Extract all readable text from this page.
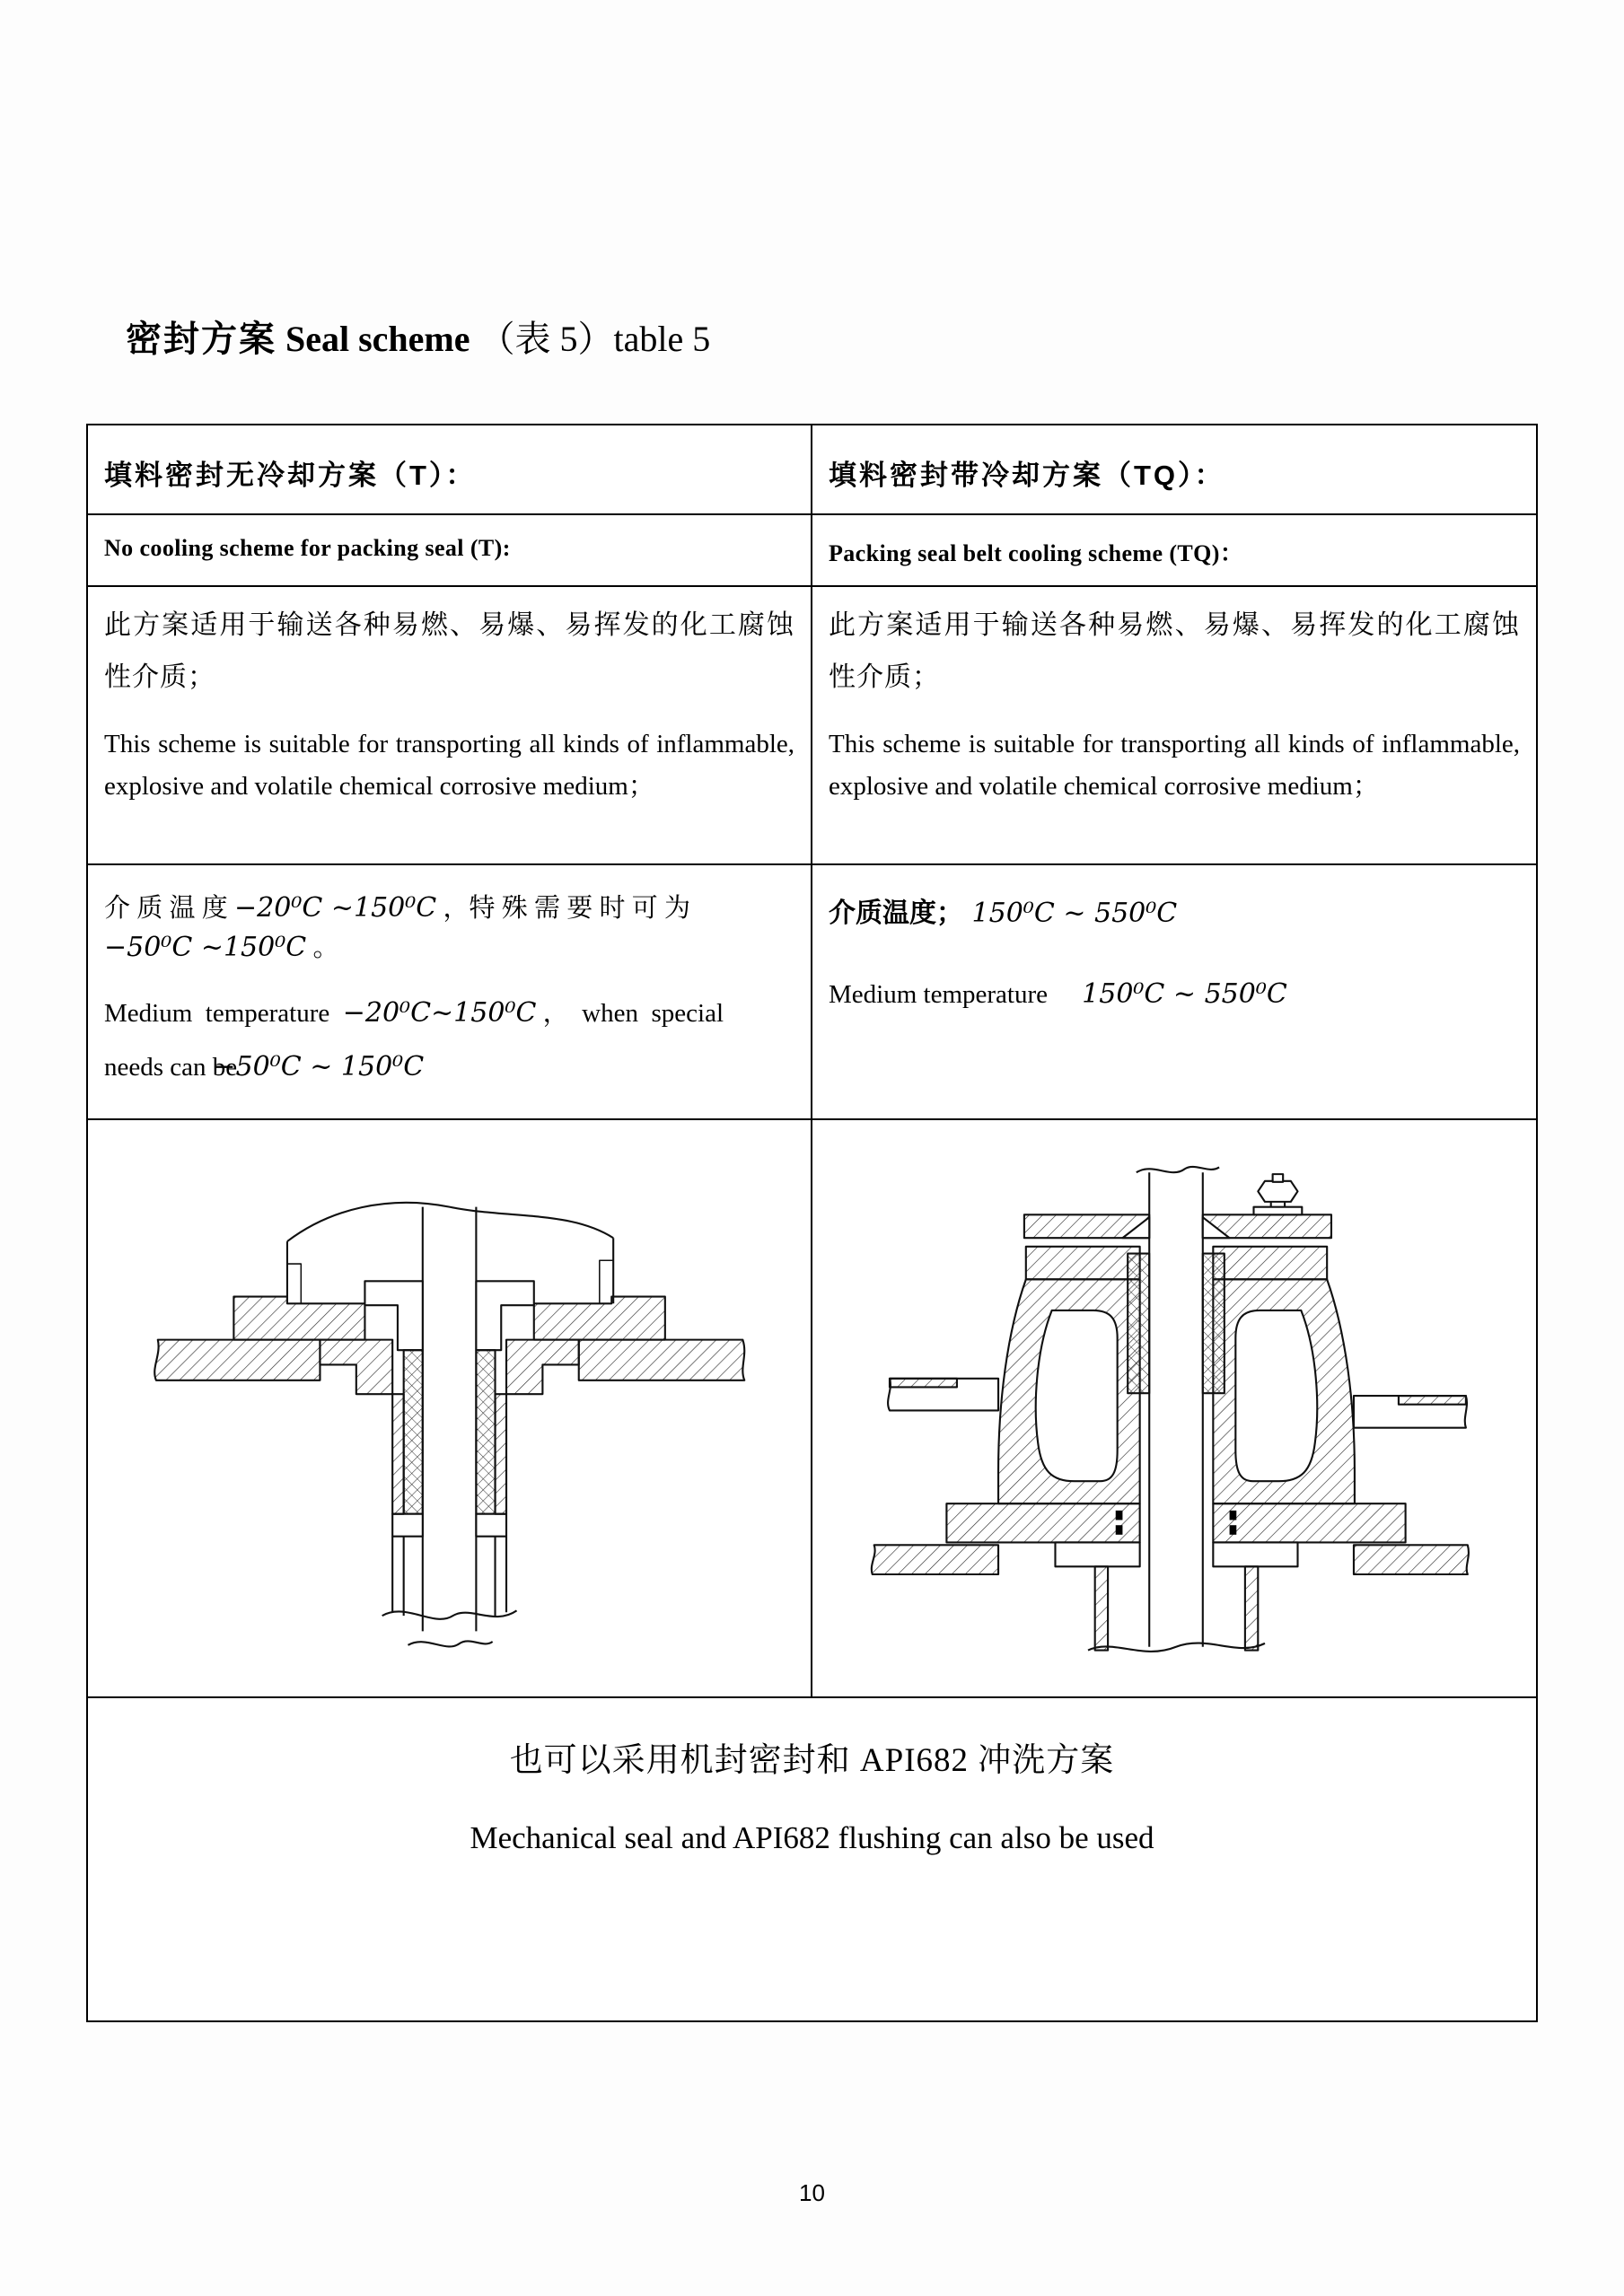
密封方案 Seal scheme （表 5）table 5
填料密封无冷却方案（T）：	填料密封带冷却方案（TQ）：
No cooling scheme for packing seal (T):	Packing seal belt cooling scheme (TQ)：
此方案适用于输送各种易燃、易爆、易挥发的化工腐蚀性介质；
This scheme is suitable for transporting all kinds of inflammable, explosive and volatile chemical corrosive medium；
此方案适用于输送各种易燃、易爆、易挥发的化工腐蚀性介质；
This scheme is suitable for transporting all kinds of inflammable, explosive and volatile chemical corrosive medium；
介 质 温 度 −20⁰C ~150⁰C ，特 殊 需 要 时 可 为
−50⁰C ~150⁰C 。
Medium  temperature  −20⁰C~150⁰C ，  when  special
needs can be −50⁰C ~ 150⁰C
介质温度； 150⁰C ~ 550⁰C
Medium temperature    150⁰C ~ 550⁰C
也可以采用机封密封和 API682 冲洗方案
Mechanical seal and API682 flushing can also be used
10
